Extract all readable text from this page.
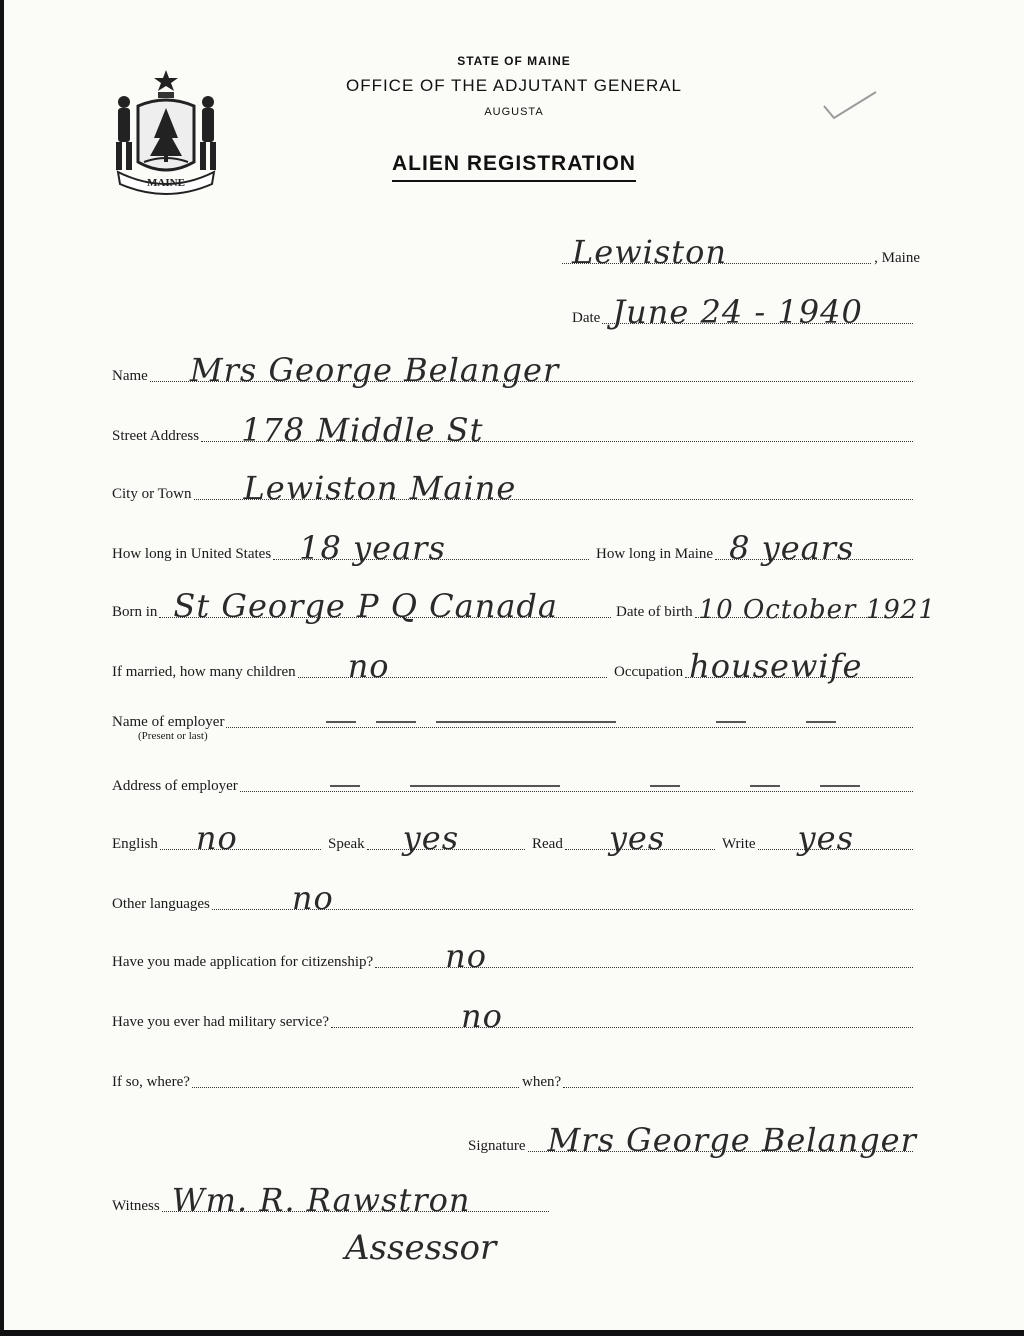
MAINE
STATE OF MAINE
OFFICE OF THE ADJUTANT GENERAL
AUGUSTA
ALIEN REGISTRATION
Lewiston	, Maine
Date June 24 - 1940
Name Mrs George Belanger
Street Address 178 Middle St
City or Town Lewiston Maine
How long in United States 18 years	How long in Maine 8 years
Born in St George P Q Canada	Date of birth 10 October 1921
If married, how many children no	Occupation housewife
Name of employer
(Present or last)
Address of employer
English no	Speak yes	Read yes	Write yes
Other languages	no
Have you made application for citizenship? no
Have you ever had military service?	no
If so, where?	when?
Signature Mrs George Belanger
Witness Wm. R. Rawstron
Assessor
